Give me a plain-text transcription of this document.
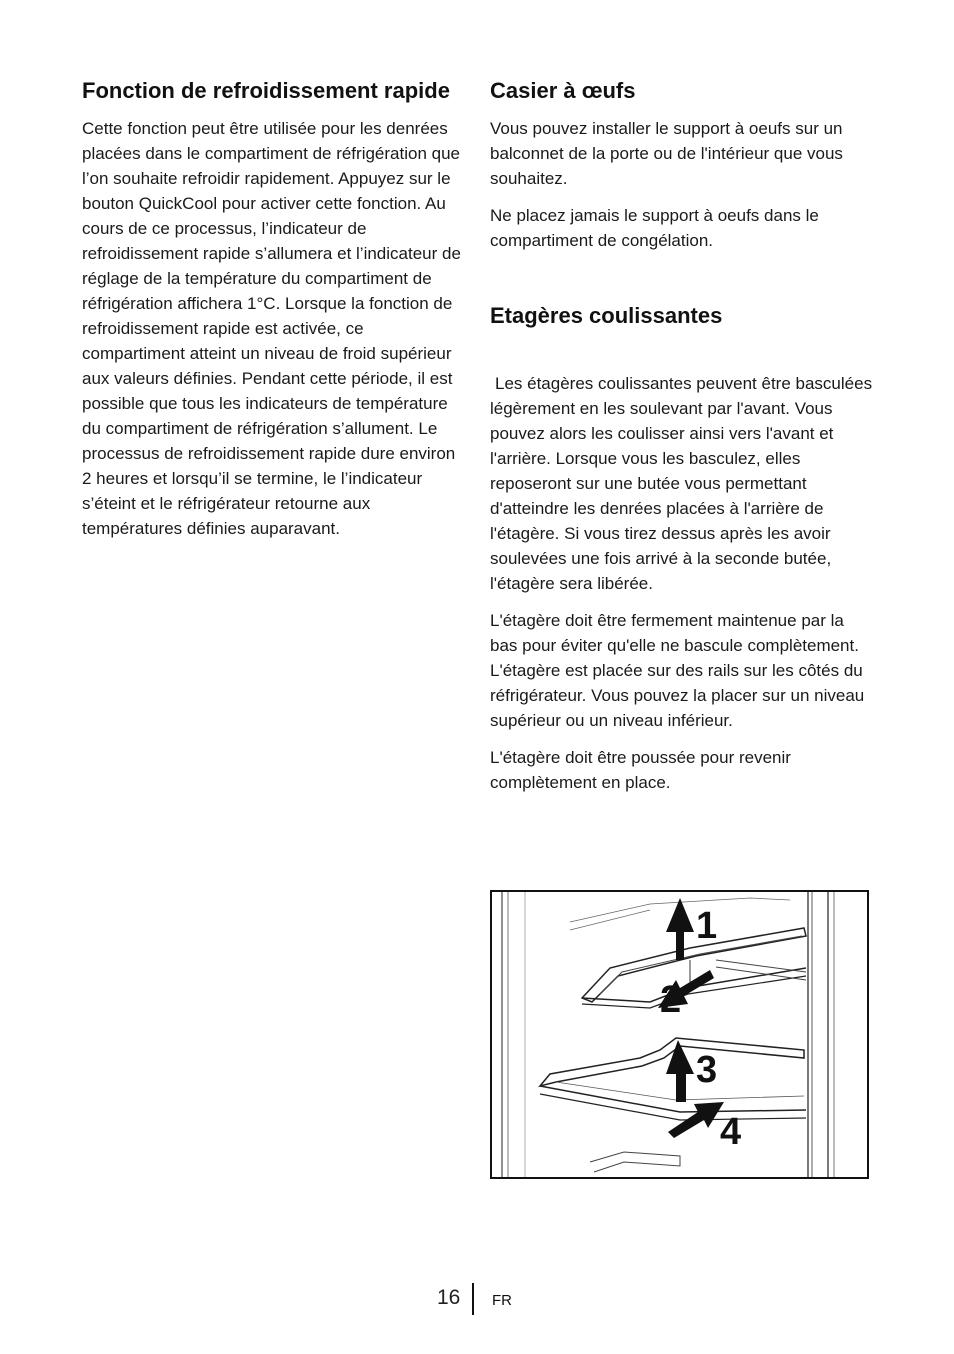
Fonction de refroidissement rapide

Cette fonction peut être utilisée pour les denrées placées dans le compartiment de réfrigération que l’on souhaite refroidir rapidement. Appuyez sur le bouton QuickCool pour activer cette fonction. Au cours de ce processus, l’indicateur de refroidissement rapide s’allumera et l’indicateur de réglage de la température du compartiment de réfrigération affichera 1°C. Lorsque la fonction de refroidissement rapide est activée, ce compartiment atteint un niveau de froid supérieur aux valeurs définies. Pendant cette période, il est possible que tous les indicateurs de température du compartiment de réfrigération s’allument. Le processus de refroidissement rapide dure environ 2 heures et lorsqu’il se termine, le l’indicateur s’éteint et le réfrigérateur retourne aux températures définies auparavant.

Casier à œufs

Vous pouvez installer le support à oeufs sur un balconnet de la porte ou de l'intérieur que vous souhaitez.

Ne placez jamais le support à oeufs dans le compartiment de congélation.

Etagères coulissantes

Les étagères coulissantes peuvent être basculées légèrement en les soulevant par l'avant. Vous pouvez alors les coulisser ainsi vers l'avant et l'arrière. Lorsque vous les basculez, elles reposeront sur une butée vous permettant d'atteindre les denrées placées à l'arrière de l'étagère. Si vous tirez dessus après les avoir soulevées une fois arrivé à la seconde butée, l'étagère sera libérée.

L'étagère doit être fermement maintenue par la bas pour éviter qu'elle ne bascule complètement. L'étagère est placée sur des rails sur les côtés du réfrigérateur. Vous pouvez la placer sur un niveau supérieur ou un niveau inférieur.

L'étagère doit être poussée pour revenir complètement en place.

1
2
3
4
16 FR
